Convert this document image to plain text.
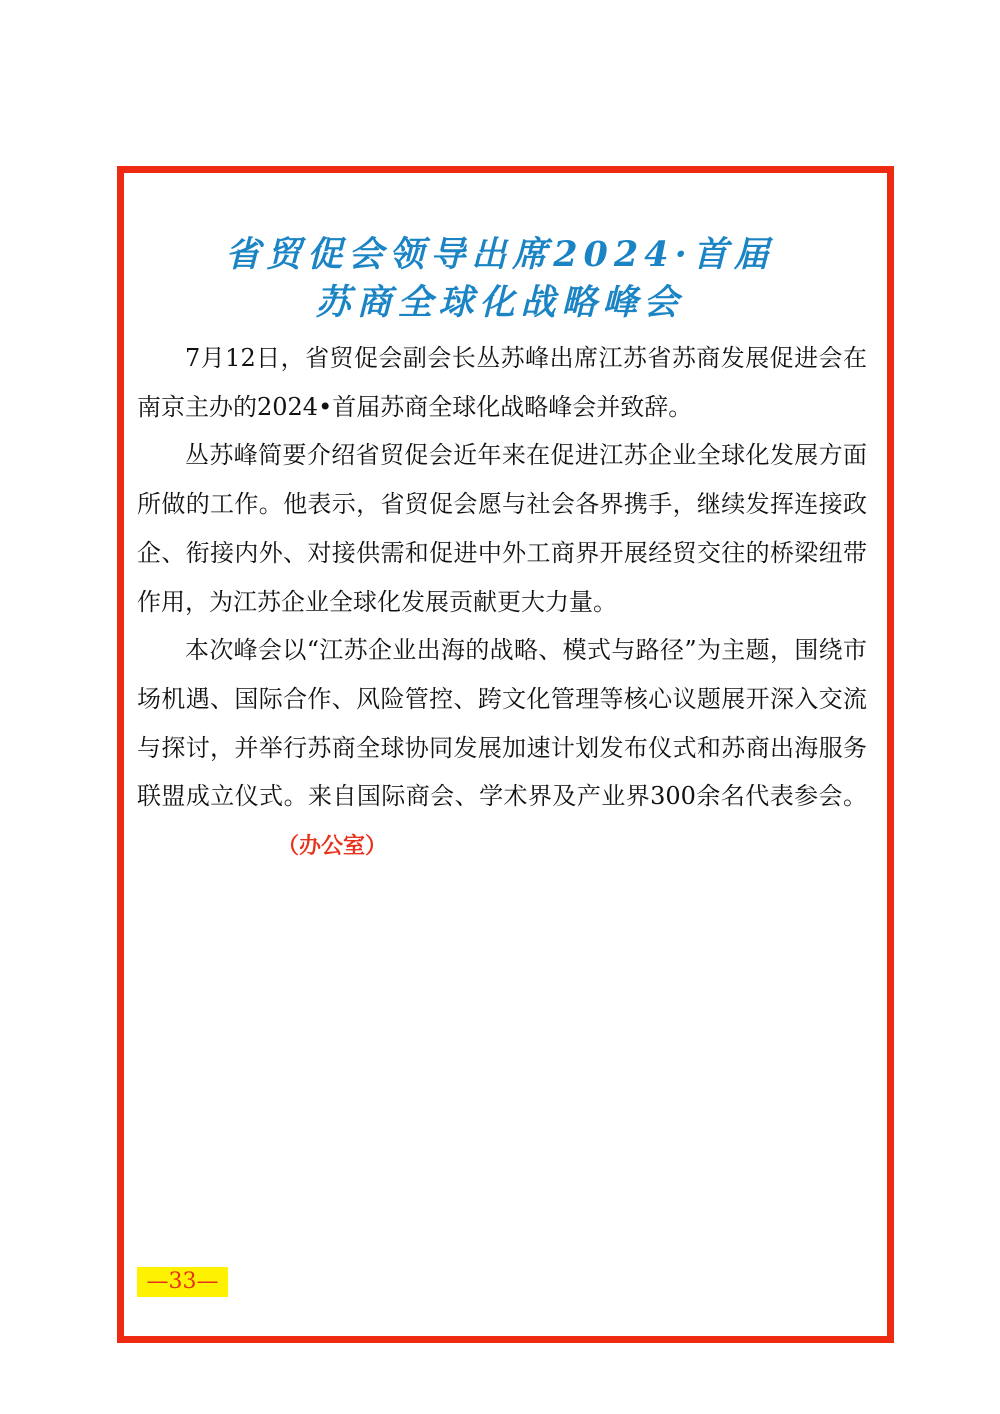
省贸促会领导出席2024·首届
苏商全球化战略峰会

7月12日，省贸促会副会长丛苏峰出席江苏省苏商发展促进会在南京主办的2024•首届苏商全球化战略峰会并致辞。

丛苏峰简要介绍省贸促会近年来在促进江苏企业全球化发展方面所做的工作。他表示，省贸促会愿与社会各界携手，继续发挥连接政企、衔接内外、对接供需和促进中外工商界开展经贸交往的桥梁纽带作用，为江苏企业全球化发展贡献更大力量。

本次峰会以“江苏企业出海的战略、模式与路径”为主题，围绕市场机遇、国际合作、风险管控、跨文化管理等核心议题展开深入交流与探讨，并举行苏商全球协同发展加速计划发布仪式和苏商出海服务联盟成立仪式。来自国际商会、学术界及产业界300余名代表参会。（办公室）

—33—
